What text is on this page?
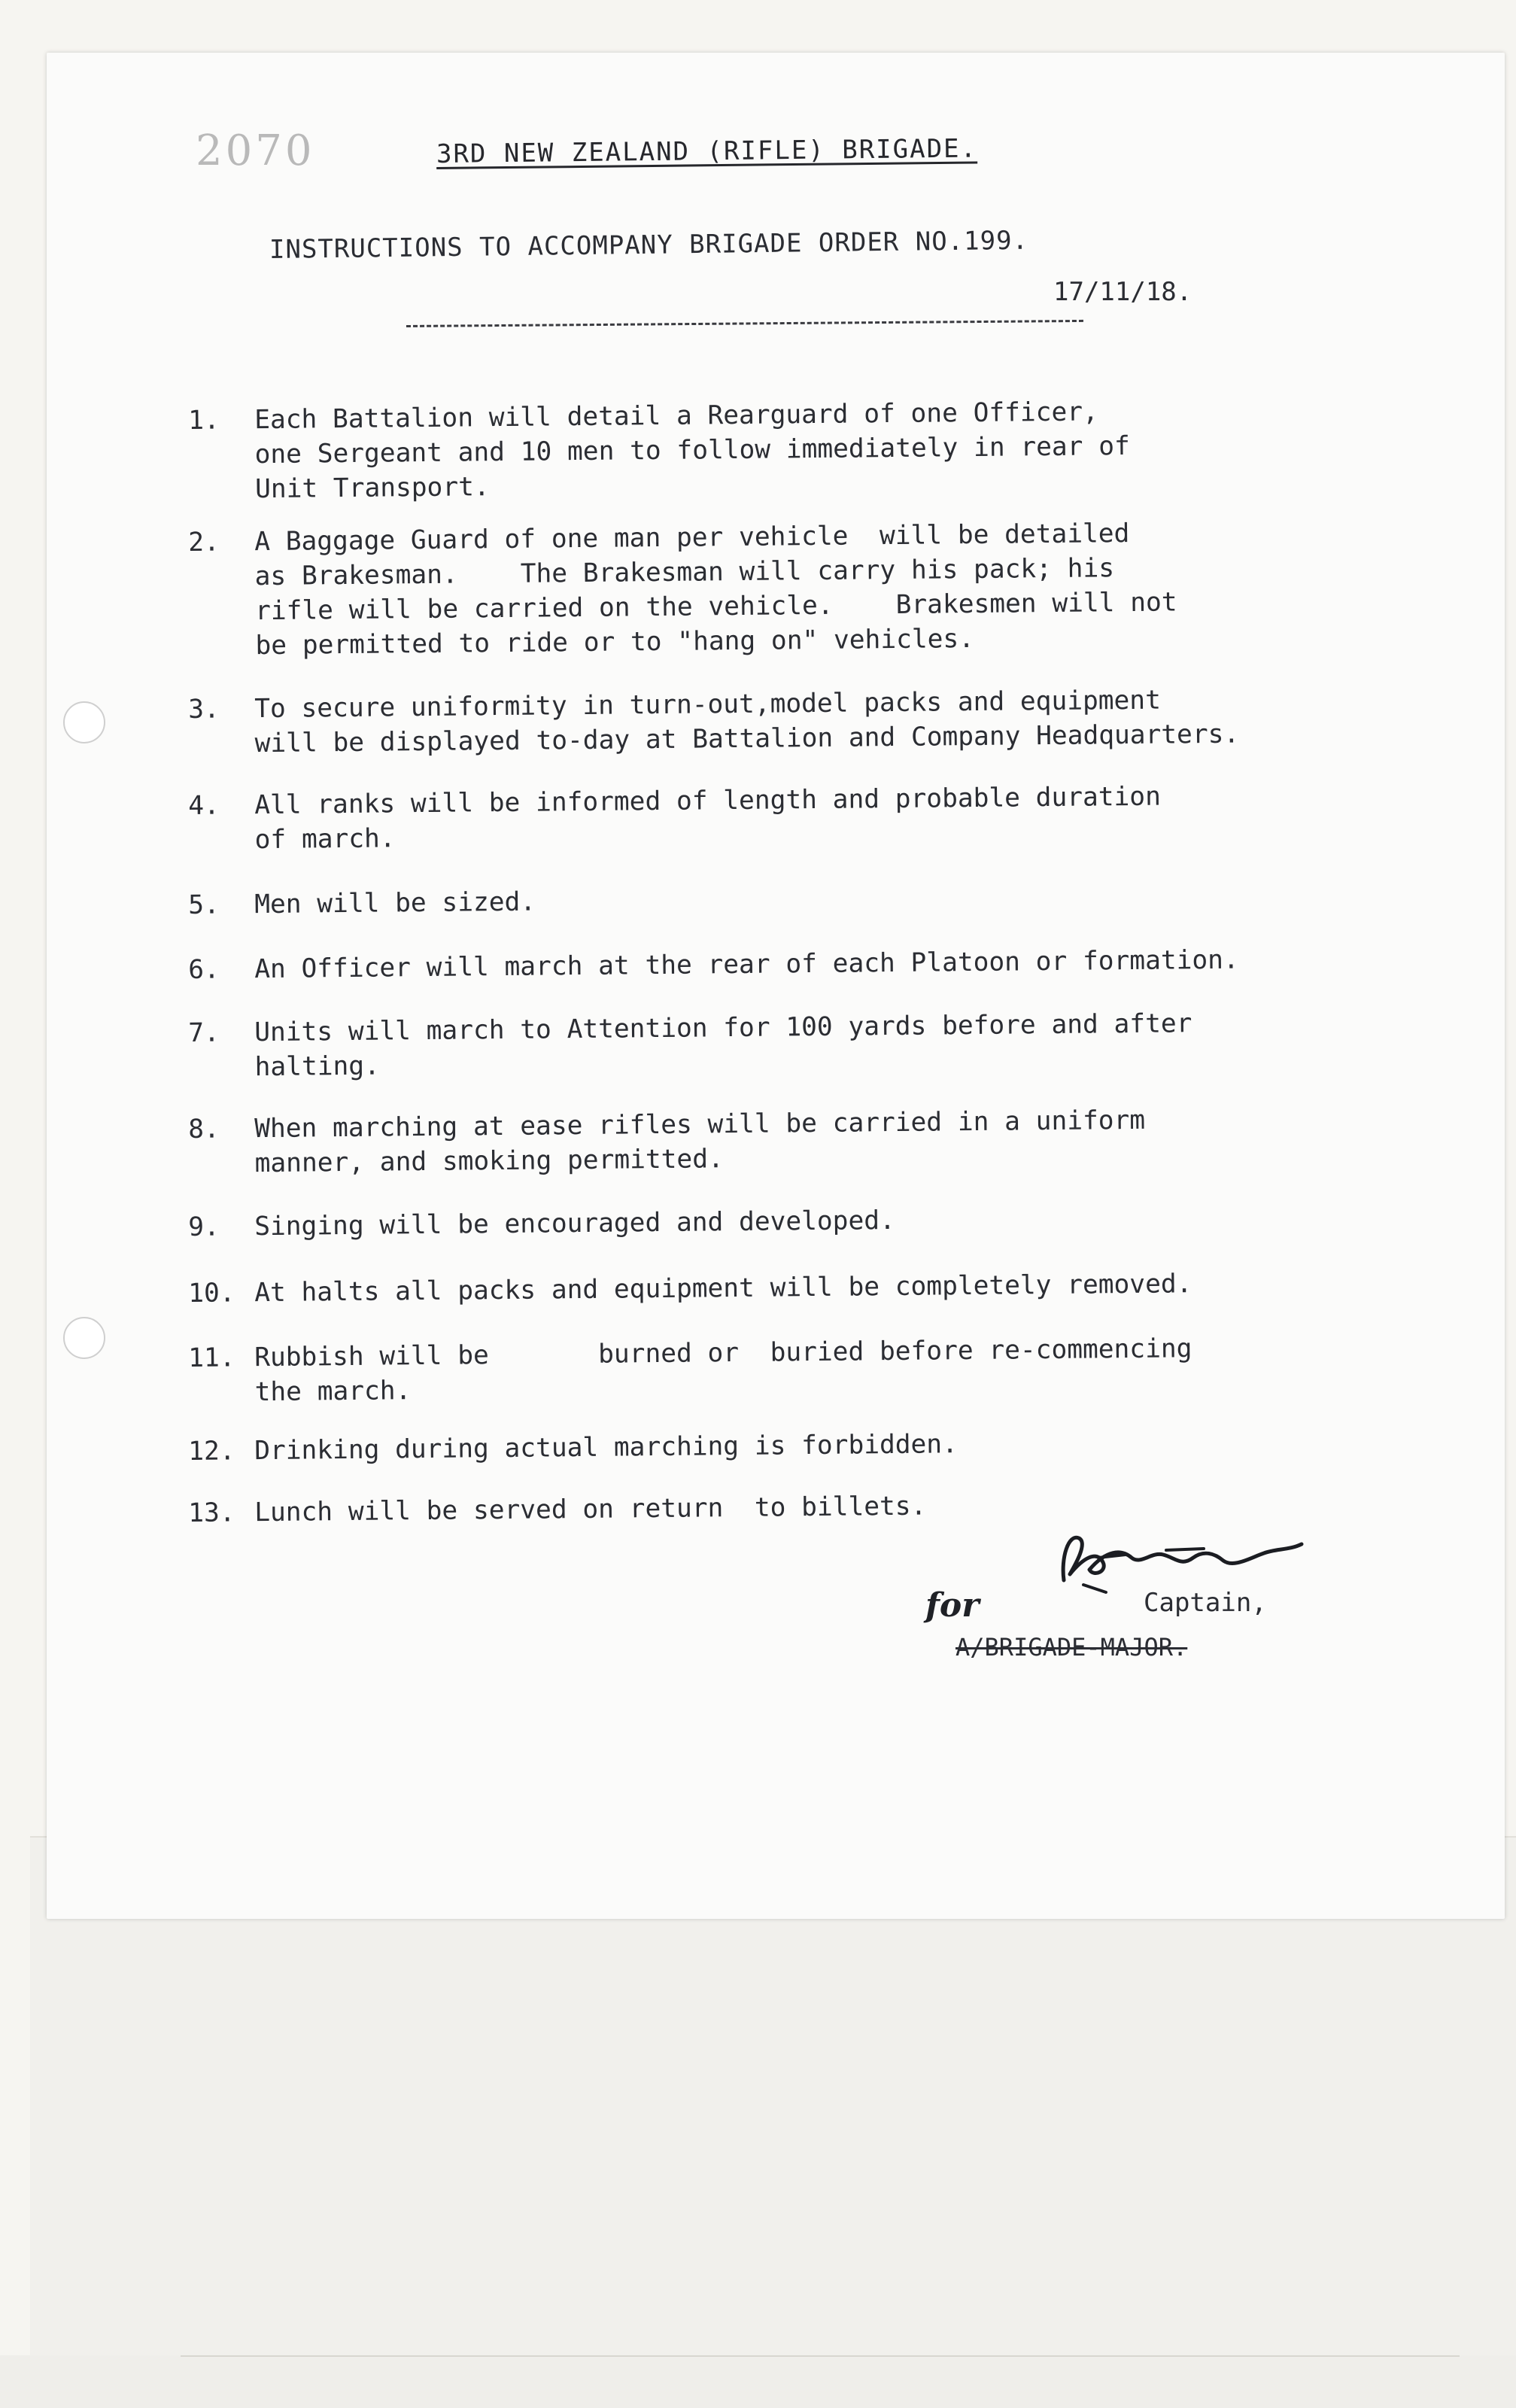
2070	3RD NEW ZEALAND (RIFLE) BRIGADE.
INSTRUCTIONS TO ACCOMPANY BRIGADE ORDER NO.199.
17/11/18.
1.	Each Battalion will detail a Rearguard of one Officer,
one Sergeant and 10 men to follow immediately in rear of
Unit Transport.
2.	A Baggage Guard of one man per vehicle  will be detailed
as Brakesman.    The Brakesman will carry his pack; his
rifle will be carried on the vehicle.    Brakesmen will not
be permitted to ride or to "hang on" vehicles.
3.	To secure uniformity in turn-out,model packs and equipment
will be displayed to-day at Battalion and Company Headquarters.
4.	All ranks will be informed of length and probable duration
of march.
5.	Men will be sized.
6.	An Officer will march at the rear of each Platoon or formation.
7.	Units will march to Attention for 100 yards before and after
halting.
8.	When marching at ease rifles will be carried in a uniform
manner, and smoking permitted.
9.	Singing will be encouraged and developed.
10. At halts all packs and equipment will be completely removed.
11. Rubbish will be       burned or  buried before re-commencing
the march.
12. Drinking during actual marching is forbidden.
13. Lunch will be served on return  to billets.
for	Captain,
A/BRIGADE-MAJOR.
